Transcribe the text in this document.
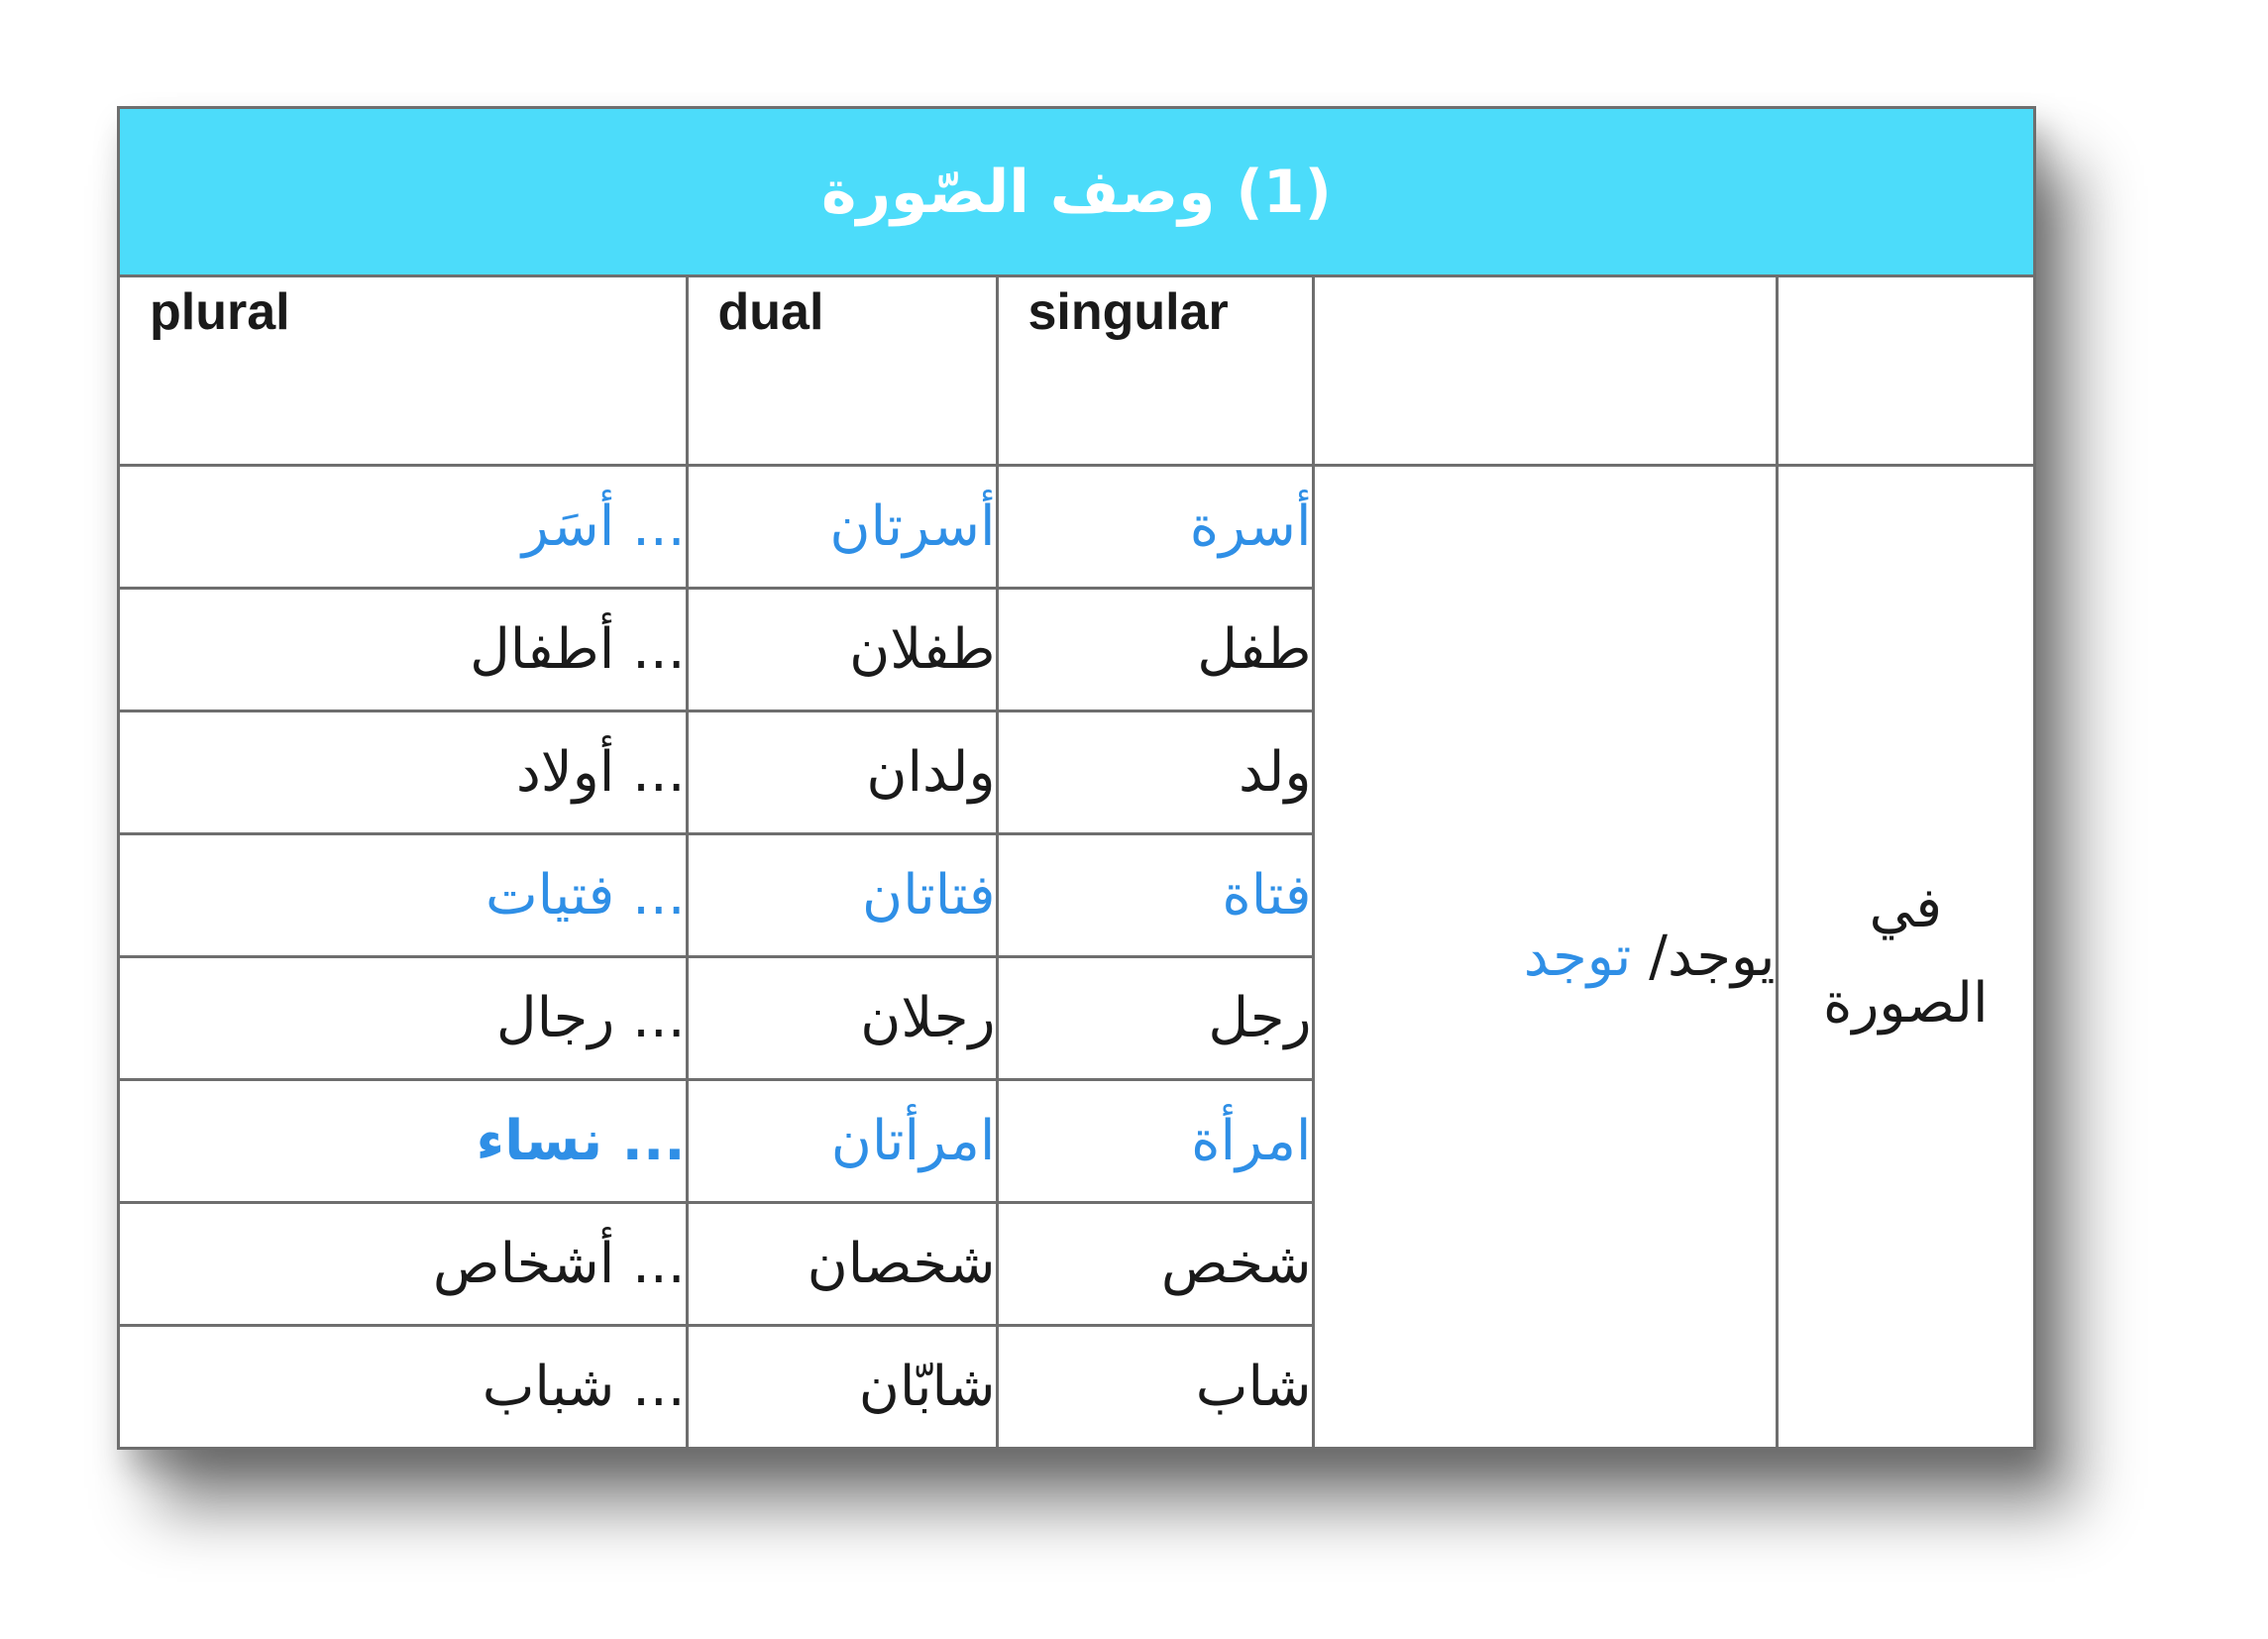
(1) وصف الصّورة
plural	dual	singular		

... أسَر	أسرتان	أسرة	يوجد/ توجد	في
الصورة

... أطفال	طفلان	طفل		
... أولاد	ولدان	ولد		
... فتيات	فتاتان	فتاة		
... رجال	رجلان	رجل		
... نساء	امرأتان	امرأة		
... أشخاص	شخصان	شخص		
... شباب	شابّان	شاب		
